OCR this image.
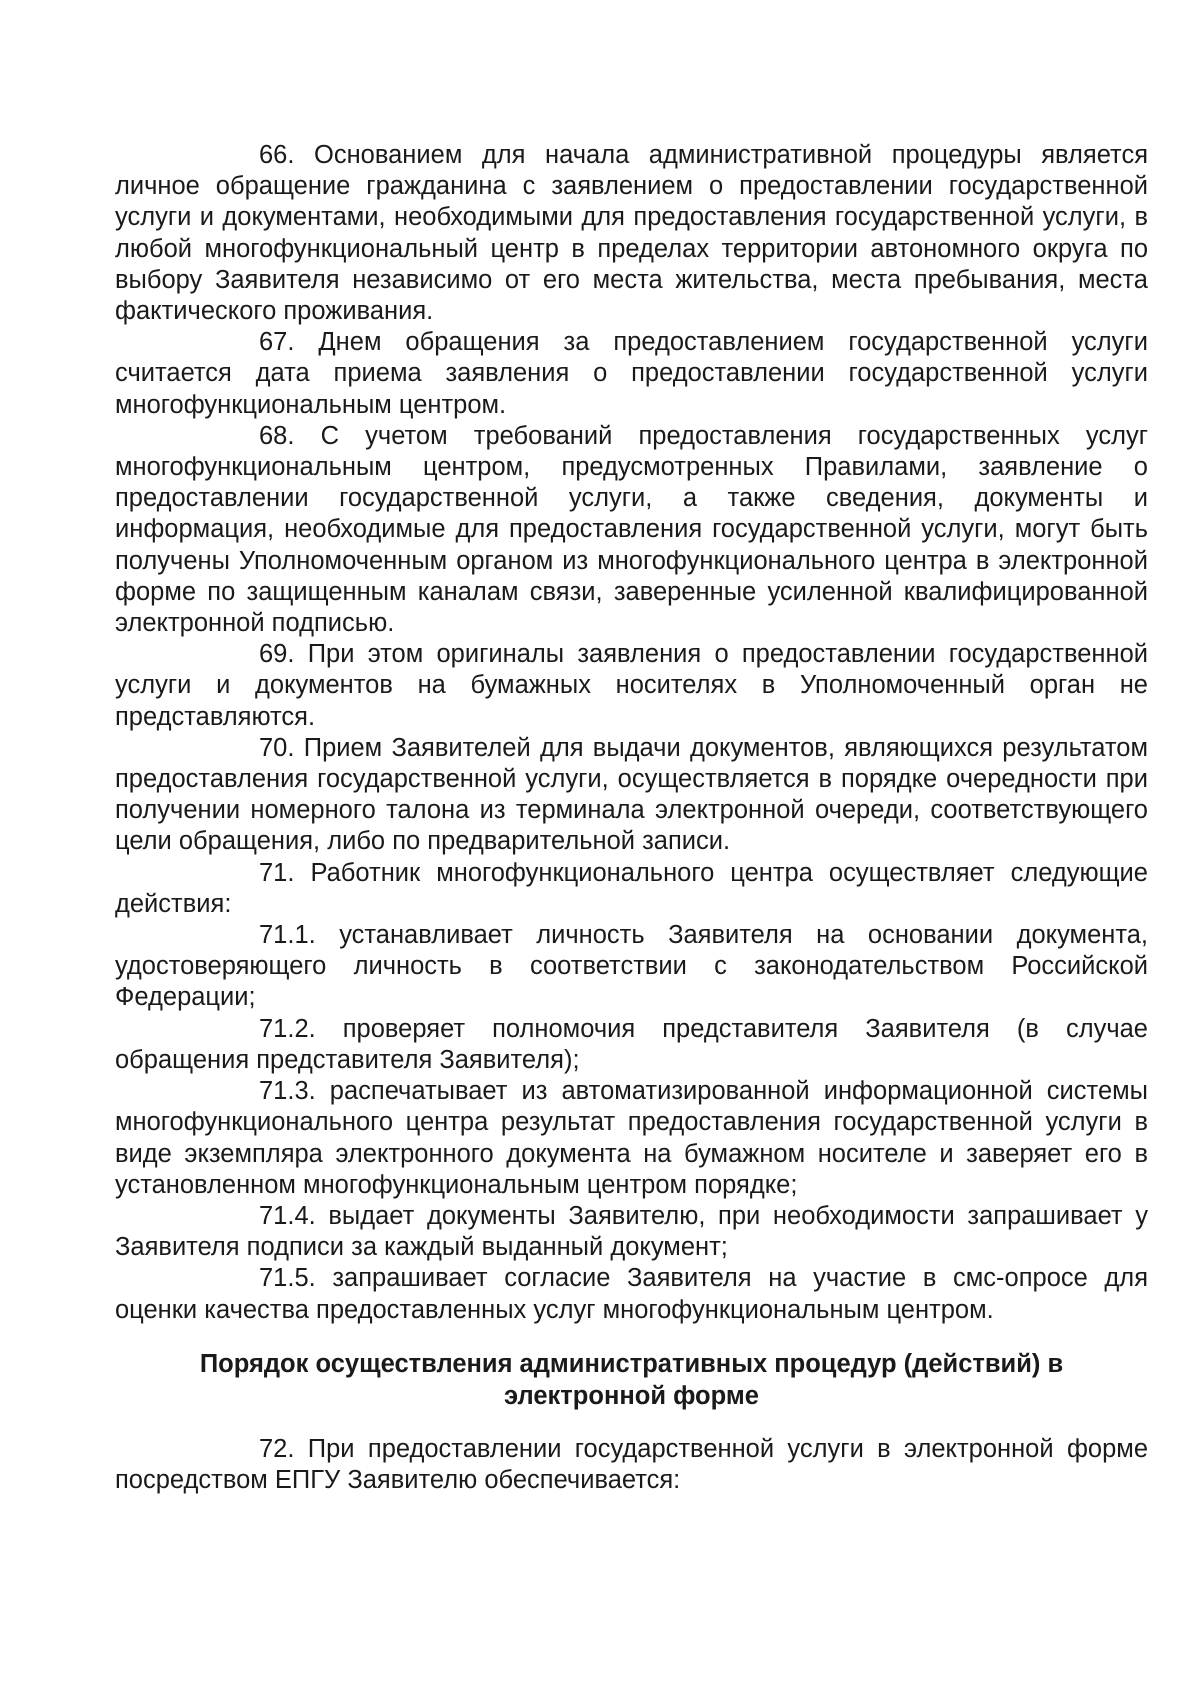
66. Основанием для начала административной процедуры является личное обращение гражданина с заявлением о предоставлении государственной услуги и документами, необходимыми для предоставления государственной услуги, в любой многофункциональный центр в пределах территории автономного округа по выбору Заявителя независимо от его места жительства, места пребывания, места фактического проживания.

67. Днем обращения за предоставлением государственной услуги считается дата приема заявления о предоставлении государственной услуги многофункциональным центром.

68. С учетом требований предоставления государственных услуг многофункциональным центром, предусмотренных Правилами, заявление о предоставлении государственной услуги, а также сведения, документы и информация, необходимые для предоставления государственной услуги, могут быть получены Уполномоченным органом из многофункционального центра в электронной форме по защищенным каналам связи, заверенные усиленной квалифицированной электронной подписью.

69. При этом оригиналы заявления о предоставлении государственной услуги и документов на бумажных носителях в Уполномоченный орган не представляются.

70. Прием Заявителей для выдачи документов, являющихся результатом предоставления государственной услуги, осуществляется в порядке очередности при получении номерного талона из терминала электронной очереди, соответствующего цели обращения, либо по предварительной записи.

71. Работник многофункционального центра осуществляет следующие действия:

71.1. устанавливает личность Заявителя на основании документа, удостоверяющего личность в соответствии с законодательством Российской Федерации;

71.2. проверяет полномочия представителя Заявителя (в случае обращения представителя Заявителя);

71.3. распечатывает из автоматизированной информационной системы многофункционального центра результат предоставления государственной услуги в виде экземпляра электронного документа на бумажном носителе и заверяет его в установленном многофункциональным центром порядке;

71.4. выдает документы Заявителю, при необходимости запрашивает у Заявителя подписи за каждый выданный документ;

71.5. запрашивает согласие Заявителя на участие в смс-опросе для оценки качества предоставленных услуг многофункциональным центром.

Порядок осуществления административных процедур (действий) в
электронной форме

72. При предоставлении государственной услуги в электронной форме посредством ЕПГУ Заявителю обеспечивается:
